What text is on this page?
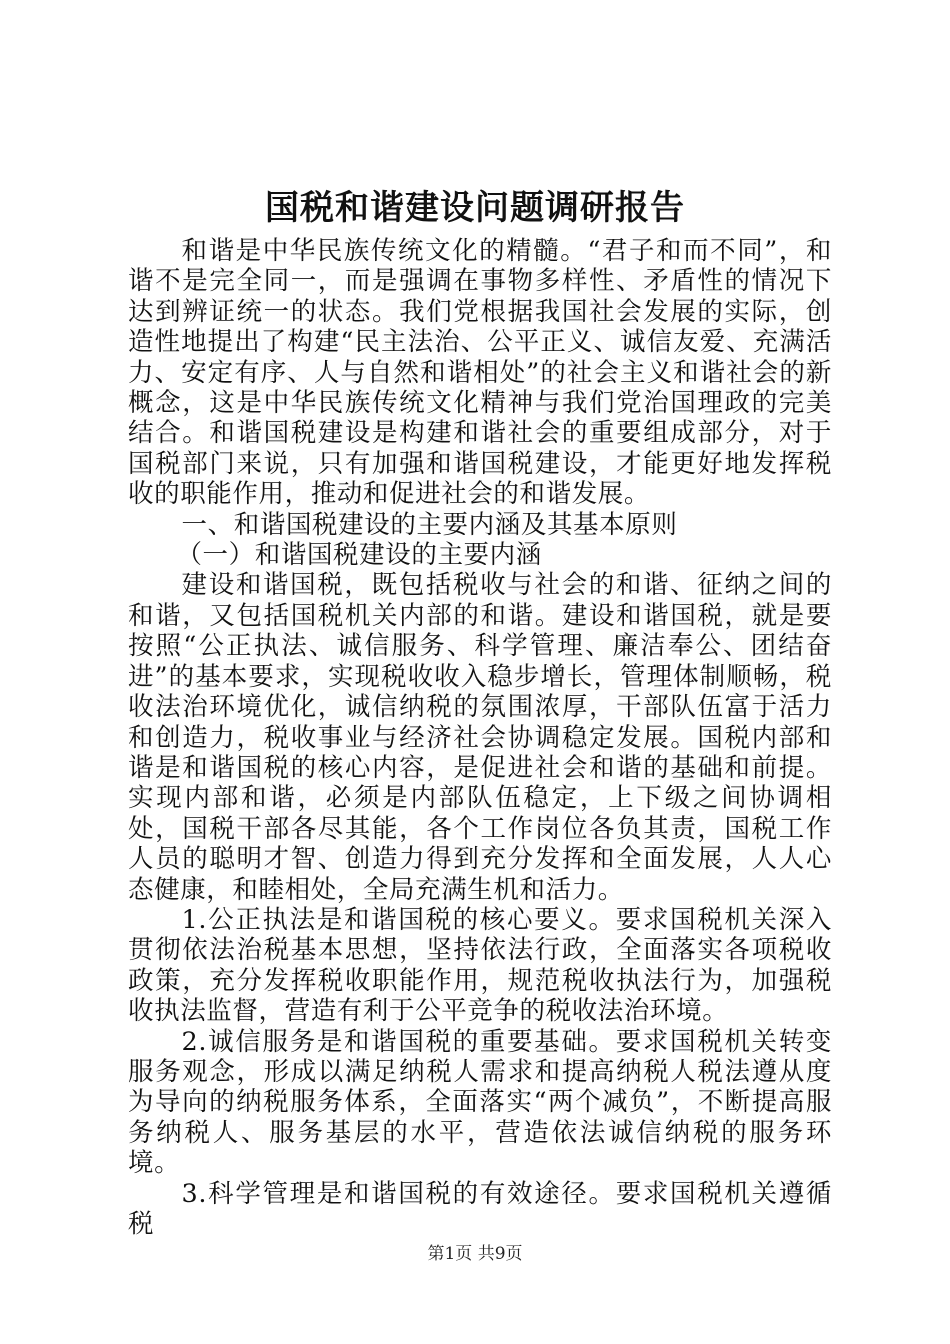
国税和谐建设问题调研报告

和谐是中华民族传统文化的精髓。“君子和而不同”，和谐不是完全同一，而是强调在事物多样性、矛盾性的情况下达到辨证统一的状态。我们党根据我国社会发展的实际，创造性地提出了构建“民主法治、公平正义、诚信友爱、充满活力、安定有序、人与自然和谐相处”的社会主义和谐社会的新概念，这是中华民族传统文化精神与我们党治国理政的完美结合。和谐国税建设是构建和谐社会的重要组成部分，对于国税部门来说，只有加强和谐国税建设，才能更好地发挥税收的职能作用，推动和促进社会的和谐发展。

一、和谐国税建设的主要内涵及其基本原则

（一）和谐国税建设的主要内涵

建设和谐国税，既包括税收与社会的和谐、征纳之间的和谐，又包括国税机关内部的和谐。建设和谐国税，就是要按照“公正执法、诚信服务、科学管理、廉洁奉公、团结奋进”的基本要求，实现税收收入稳步增长，管理体制顺畅，税收法治环境优化，诚信纳税的氛围浓厚，干部队伍富于活力和创造力，税收事业与经济社会协调稳定发展。国税内部和谐是和谐国税的核心内容，是促进社会和谐的基础和前提。实现内部和谐，必须是内部队伍稳定，上下级之间协调相处，国税干部各尽其能，各个工作岗位各负其责，国税工作人员的聪明才智、创造力得到充分发挥和全面发展，人人心态健康，和睦相处，全局充满生机和活力。

1.公正执法是和谐国税的核心要义。要求国税机关深入贯彻依法治税基本思想，坚持依法行政，全面落实各项税收政策，充分发挥税收职能作用，规范税收执法行为，加强税收执法监督，营造有利于公平竞争的税收法治环境。

2.诚信服务是和谐国税的重要基础。要求国税机关转变服务观念，形成以满足纳税人需求和提高纳税人税法遵从度为导向的纳税服务体系，全面落实“两个减负”，不断提高服务纳税人、服务基层的水平，营造依法诚信纳税的服务环境。

3.科学管理是和谐国税的有效途径。要求国税机关遵循税

第1页 共9页
